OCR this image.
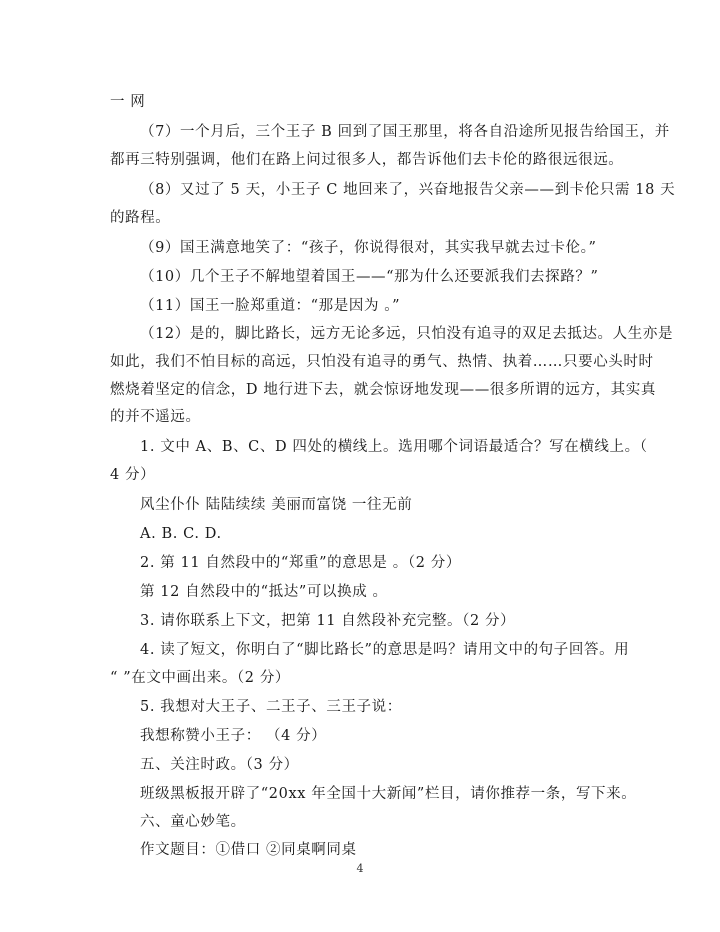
一 网
（7）一个月后，三个王子 B 回到了国王那里，将各自沿途所见报告给国王，并
都再三特别强调，他们在路上问过很多人，都告诉他们去卡伦的路很远很远。
（8）又过了 5 天，小王子 C 地回来了，兴奋地报告父亲——到卡伦只需 18 天
的路程。
（9）国王满意地笑了：“孩子，你说得很对，其实我早就去过卡伦。”
（10）几个王子不解地望着国王——“那为什么还要派我们去探路？”
（11）国王一脸郑重道：“那是因为 。”
（12）是的，脚比路长，远方无论多远，只怕没有追寻的双足去抵达。人生亦是
如此，我们不怕目标的高远，只怕没有追寻的勇气、热情、执着……只要心头时时
燃烧着坚定的信念，D 地行进下去，就会惊讶地发现——很多所谓的远方，其实真
的并不遥远。
1. 文中 A、B、C、D 四处的横线上。选用哪个词语最适合？写在横线上。（
4 分）
风尘仆仆 陆陆续续 美丽而富饶 一往无前
A. B. C. D.
2. 第 11 自然段中的“郑重”的意思是 。（2 分）
第 12 自然段中的“抵达”可以换成 。
3. 请你联系上下文，把第 11 自然段补充完整。（2 分）
4. 读了短文，你明白了“脚比路长”的意思是吗？请用文中的句子回答。用
“ ”在文中画出来。（2 分）
5. 我想对大王子、二王子、三王子说：
我想称赞小王子： （4 分）
五、关注时政。（3 分）
班级黑板报开辟了“20xx 年全国十大新闻”栏目，请你推荐一条，写下来。
六、童心妙笔。
作文题目：①借口 ②同桌啊同桌
4
